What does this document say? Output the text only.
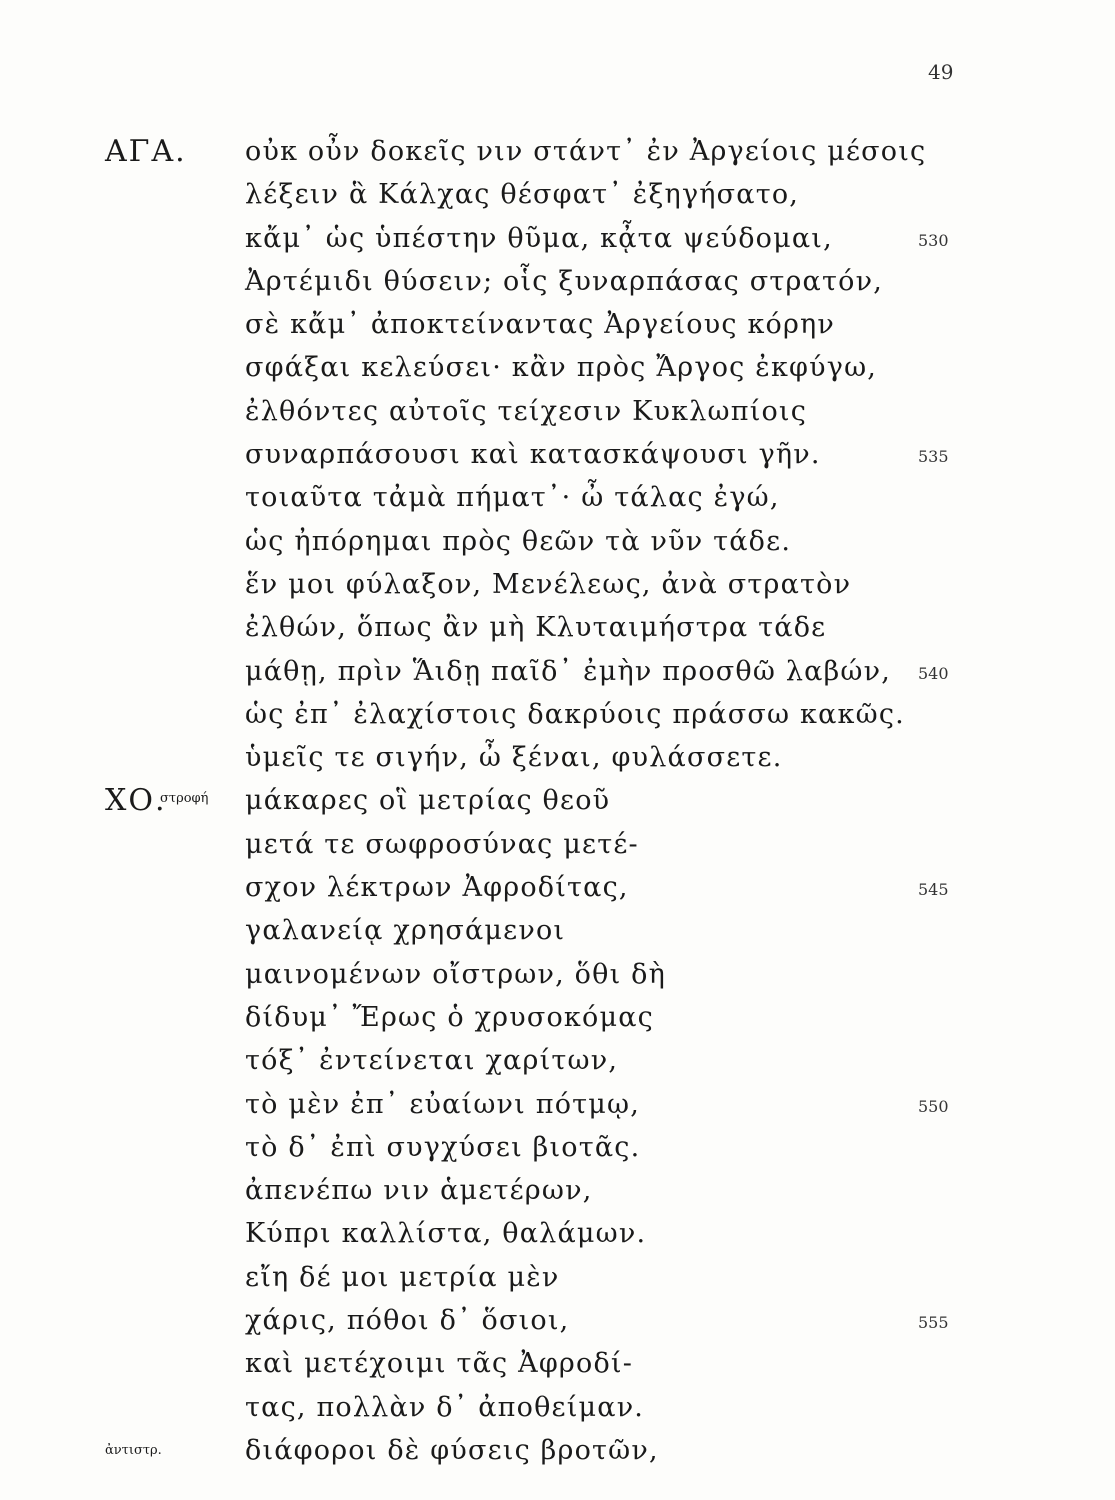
49
ΑΓΑ. οὐκ οὖν δοκεῖς νιν στάντ᾽ ἐν Ἀργείοις μέσοις
λέξειν ἃ Κάλχας θέσφατ᾽ ἐξηγήσατο,
κἄμ᾽ ὡς ὑπέστην θῦμα, κᾆτα ψεύδομαι,	530
Ἀρτέμιδι θύσειν; οἷς ξυναρπάσας στρατόν,
σὲ κἄμ᾽ ἀποκτείναντας Ἀργείους κόρην
σφάξαι κελεύσει· κἂν πρὸς Ἄργος ἐκφύγω,
ἐλθόντες αὐτοῖς τείχεσιν Κυκλωπίοις
συναρπάσουσι καὶ κατασκάψουσι γῆν.	535
τοιαῦτα τἀμὰ πήματ᾽· ὦ τάλας ἐγώ,
ὡς ἠπόρημαι πρὸς θεῶν τὰ νῦν τάδε.
ἕν μοι φύλαξον, Μενέλεως, ἀνὰ στρατὸν
ἐλθών, ὅπως ἂν μὴ Κλυταιμήστρα τάδε
μάθῃ, πρὶν Ἅιδῃ παῖδ᾽ ἐμὴν προσθῶ λαβών, 540
ὡς ἐπ᾽ ἐλαχίστοις δακρύοις πράσσω κακῶς.
ὑμεῖς τε σιγήν, ὦ ξέναι, φυλάσσετε.
ΧΟ.
στροφή μάκαρες οἳ μετρίας θεοῦ
μετά τε σωφροσύνας μετέ-
σχον λέκτρων Ἀφροδίτας,	545
γαλανείᾳ χρησάμενοι
μαινομένων οἴστρων, ὅθι δὴ
δίδυμ᾽ Ἔρως ὁ χρυσοκόμας
τόξ᾽ ἐντείνεται χαρίτων,
τὸ μὲν ἐπ᾽ εὐαίωνι πότμῳ,	550
τὸ δ᾽ ἐπὶ συγχύσει βιοτᾶς.
ἀπενέπω νιν ἁμετέρων,
Κύπρι καλλίστα, θαλάμων.
εἴη δέ μοι μετρία μὲν
χάρις, πόθοι δ᾽ ὅσιοι,	555
καὶ μετέχοιμι τᾶς Ἀφροδί-
τας, πολλὰν δ᾽ ἀποθείμαν.
ἀντιστρ.	διάφοροι δὲ φύσεις βροτῶν,
